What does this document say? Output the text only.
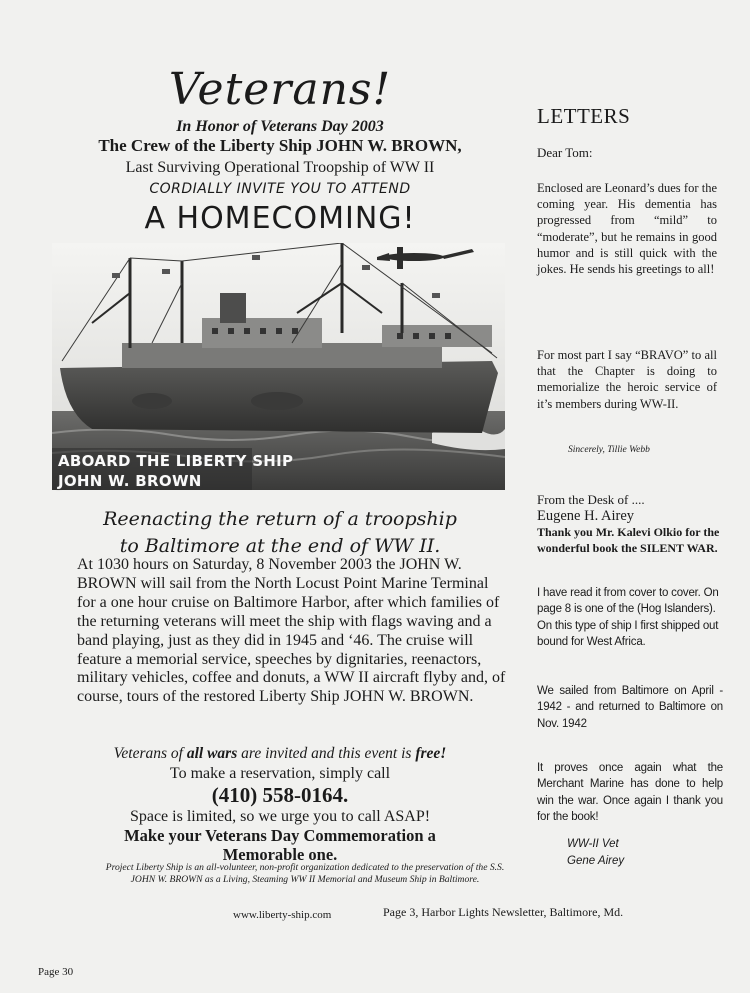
Veterans!
In Honor of Veterans Day 2003
The Crew of the Liberty Ship JOHN W. BROWN,
Last Surviving Operational Troopship of WW II
CORDIALLY INVITE YOU TO ATTEND
A HOMECOMING!
ABOARD THE LIBERTY SHIP
JOHN W. BROWN
Reenacting the return of a troopship
to Baltimore at the end of WW II.

At 1030 hours on Saturday, 8 November 2003 the JOHN W. BROWN will sail from the North Locust Point Marine Terminal for a one hour cruise on Baltimore Harbor, after which families of the returning veterans will meet the ship with flags waving and a band playing, just as they did in 1945 and ‘46. The cruise will feature a memorial service, speeches by dignitaries, reenactors, military vehicles, coffee and donuts, a WW II aircraft flyby and, of course, tours of the restored Liberty Ship JOHN W. BROWN.

Veterans of all wars are invited and this event is free!
To make a reservation, simply call
(410) 558-0164.
Space is limited, so we urge you to call ASAP!
Make your Veterans Day Commemoration a
Memorable one.
Project Liberty Ship is an all-volunteer, non-profit organization dedicated to the preservation of the S.S. JOHN W. BROWN as a Living, Steaming WW II Memorial and Museum Ship in Baltimore.
www.liberty-ship.com	Page 3, Harbor Lights Newsletter, Baltimore, Md.
Page 30
LETTERS
Dear Tom:
Enclosed are Leonard’s dues for the coming year. His dementia has progressed from “mild” to “moderate”, but he remains in good humor and is still quick with the jokes. He sends his greetings to all!
For most part I say “BRAVO” to all that the Chapter is doing to memorialize the heroic service of it’s members during WW-II.
Sincerely, Tillie Webb
From the Desk of ....
Eugene H. Airey
Thank you Mr. Kalevi Olkio for the wonderful book the SILENT WAR.
I have read it from cover to cover. On page 8 is one of the (Hog Islanders). On this type of ship I first shipped out bound for West Africa.
We sailed from Baltimore on April - 1942 - and returned to Baltimore on Nov. 1942
It proves once again what the Merchant Marine has done to help win the war. Once again I thank you for the book!
WW-II Vet
Gene Airey
